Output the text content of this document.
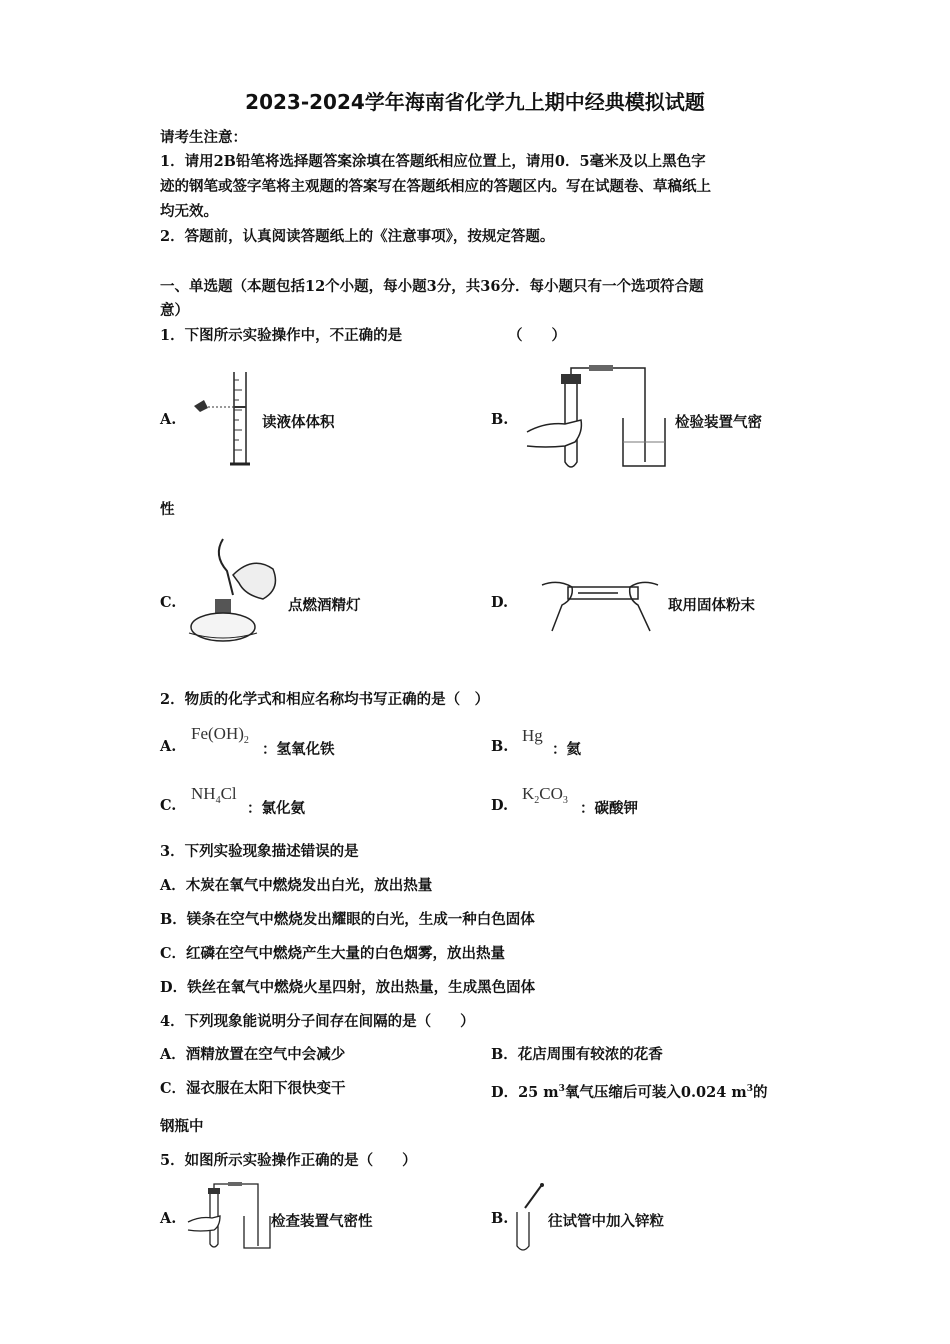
2023-2024学年海南省化学九上期中经典模拟试题
请考生注意：
1．请用2B铅笔将选择题答案涂填在答题纸相应位置上，请用0．5毫米及以上黑色字
迹的钢笔或签字笔将主观题的答案写在答题纸相应的答题区内。写在试题卷、草稿纸上
均无效。
2．答题前，认真阅读答题纸上的《注意事项》，按规定答题。
一、单选题（本题包括12个小题，每小题3分，共36分．每小题只有一个选项符合题
意）
1．下图所示实验操作中，不正确的是	（　　）
A.	读液体体积	B.	检验装置气密
性
C.	点燃酒精灯	D.	取用固体粉末
2．物质的化学式和相应名称均书写正确的是（　）
A.
$Fe(OH)_2$
：氢氧化铁	B.
Hg
：氦
C.
$NH_4Cl$
：氯化氨	D.
$K_2CO_3$ ：碳酸钾
3．下列实验现象描述错误的是
A．木炭在氧气中燃烧发出白光，放出热量
B．镁条在空气中燃烧发出耀眼的白光，生成一种白色固体
C．红磷在空气中燃烧产生大量的白色烟雾，放出热量
D．铁丝在氧气中燃烧火星四射，放出热量，生成黑色固体
4．下列现象能说明分子间存在间隔的是（　　）
A．酒精放置在空气中会减少	B．花店周围有较浓的花香
C．湿衣服在太阳下很快变干	D．25 $m^3$氧气压缩后可装入0.024 $m^3$的
钢瓶中
5．如图所示实验操作正确的是（　　）
A.	检查装置气密性	B.	往试管中加入锌粒
